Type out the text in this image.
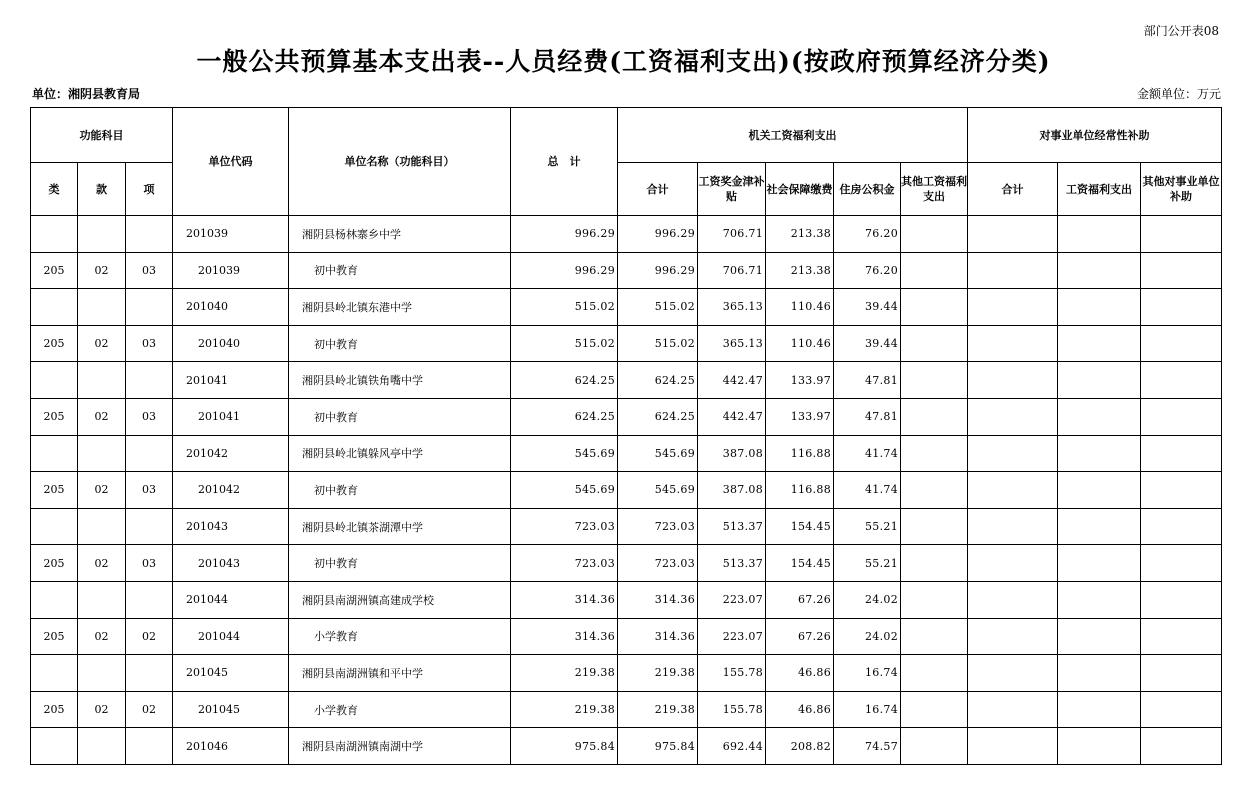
部门公开表08
一般公共预算基本支出表--人员经费(工资福利支出)(按政府预算经济分类)
单位：湘阴县教育局	金额单位：万元
功能科目			单位代码	单位名称（功能科目）	总　计	机关工资福利支出					对事业单位经常性补助		
类	款	项				合计	工资奖金津补贴	社会保障缴费	住房公积金	其他工资福利支出	合计	工资福利支出	其他对事业单位补助
			201039	湘阴县杨林寨乡中学	996.29	996.29	706.71	213.38	76.20				
205	02	03	201039	初中教育	996.29	996.29	706.71	213.38	76.20				
			201040	湘阴县岭北镇东港中学	515.02	515.02	365.13	110.46	39.44				
205	02	03	201040	初中教育	515.02	515.02	365.13	110.46	39.44				
			201041	湘阴县岭北镇铁角嘴中学	624.25	624.25	442.47	133.97	47.81				
205	02	03	201041	初中教育	624.25	624.25	442.47	133.97	47.81				
			201042	湘阴县岭北镇躲风亭中学	545.69	545.69	387.08	116.88	41.74				
205	02	03	201042	初中教育	545.69	545.69	387.08	116.88	41.74				
			201043	湘阴县岭北镇茶湖潭中学	723.03	723.03	513.37	154.45	55.21				
205	02	03	201043	初中教育	723.03	723.03	513.37	154.45	55.21				
			201044	湘阴县南湖洲镇高建成学校	314.36	314.36	223.07	67.26	24.02				
205	02	02	201044	小学教育	314.36	314.36	223.07	67.26	24.02				
			201045	湘阴县南湖洲镇和平中学	219.38	219.38	155.78	46.86	16.74				
205	02	02	201045	小学教育	219.38	219.38	155.78	46.86	16.74				
			201046	湘阴县南湖洲镇南湖中学	975.84	975.84	692.44	208.82	74.57				
